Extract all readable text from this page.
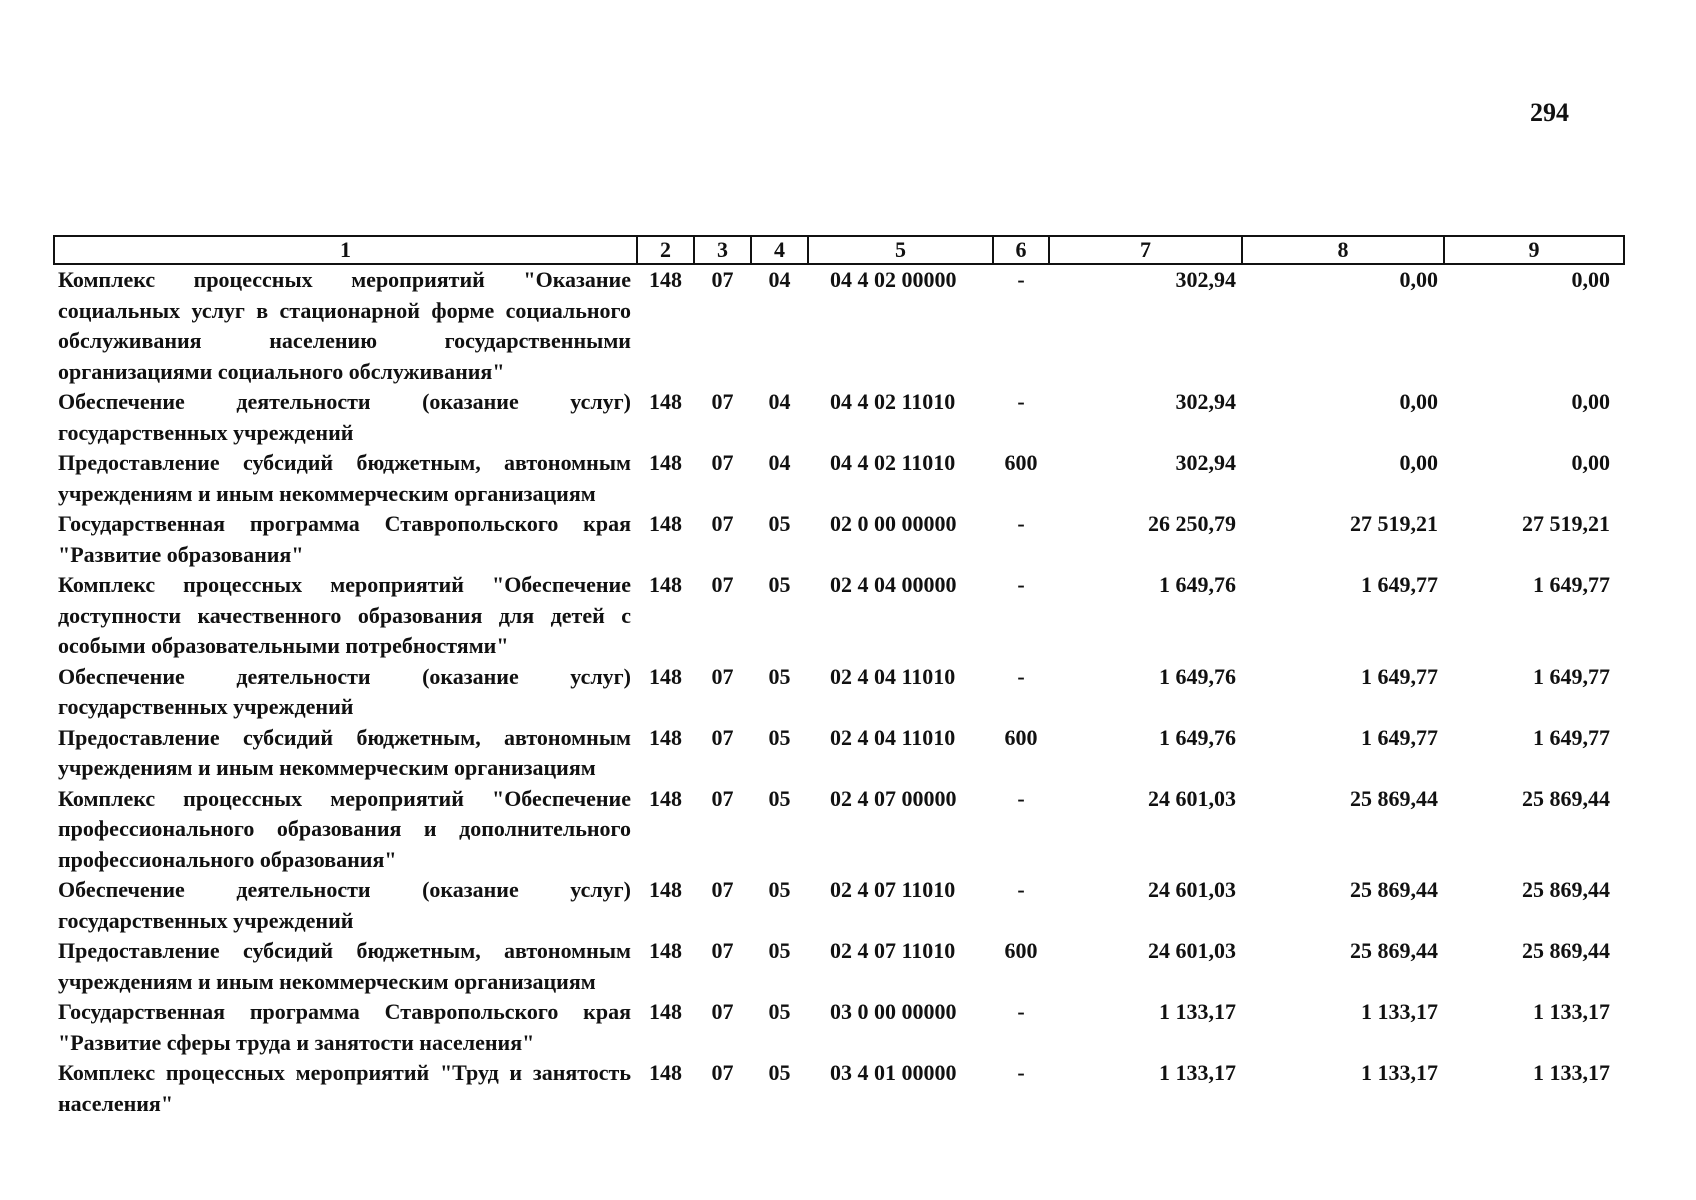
294
1	2	3	4	5	6	7	8	9
Комплекс процессных мероприятий "Оказание социальных услуг в стационарной форме социального обслуживания населению государственными организациями социального обслуживания"	148	07	04	04 4 02 00000	-	302,94	0,00	0,00
Обеспечение деятельности (оказание услуг) государственных учреждений	148	07	04	04 4 02 11010	-	302,94	0,00	0,00
Предоставление субсидий бюджетным, автономным учреждениям и иным некоммерческим организациям	148	07	04	04 4 02 11010	600	302,94	0,00	0,00
Государственная программа Ставропольского края "Развитие образования"	148	07	05	02 0 00 00000	-	26 250,79	27 519,21	27 519,21
Комплекс процессных мероприятий "Обеспечение доступности качественного образования для детей с особыми образовательными потребностями"	148	07	05	02 4 04 00000	-	1 649,76	1 649,77	1 649,77
Обеспечение деятельности (оказание услуг) государственных учреждений	148	07	05	02 4 04 11010	-	1 649,76	1 649,77	1 649,77
Предоставление субсидий бюджетным, автономным учреждениям и иным некоммерческим организациям	148	07	05	02 4 04 11010	600	1 649,76	1 649,77	1 649,77
Комплекс процессных мероприятий "Обеспечение профессионального образования и дополнительного профессионального образования"	148	07	05	02 4 07 00000	-	24 601,03	25 869,44	25 869,44
Обеспечение деятельности (оказание услуг) государственных учреждений	148	07	05	02 4 07 11010	-	24 601,03	25 869,44	25 869,44
Предоставление субсидий бюджетным, автономным учреждениям и иным некоммерческим организациям	148	07	05	02 4 07 11010	600	24 601,03	25 869,44	25 869,44
Государственная программа Ставропольского края "Развитие сферы труда и занятости населения"	148	07	05	03 0 00 00000	-	1 133,17	1 133,17	1 133,17
Комплекс процессных мероприятий "Труд и занятость населения"	148	07	05	03 4 01 00000	-	1 133,17	1 133,17	1 133,17
